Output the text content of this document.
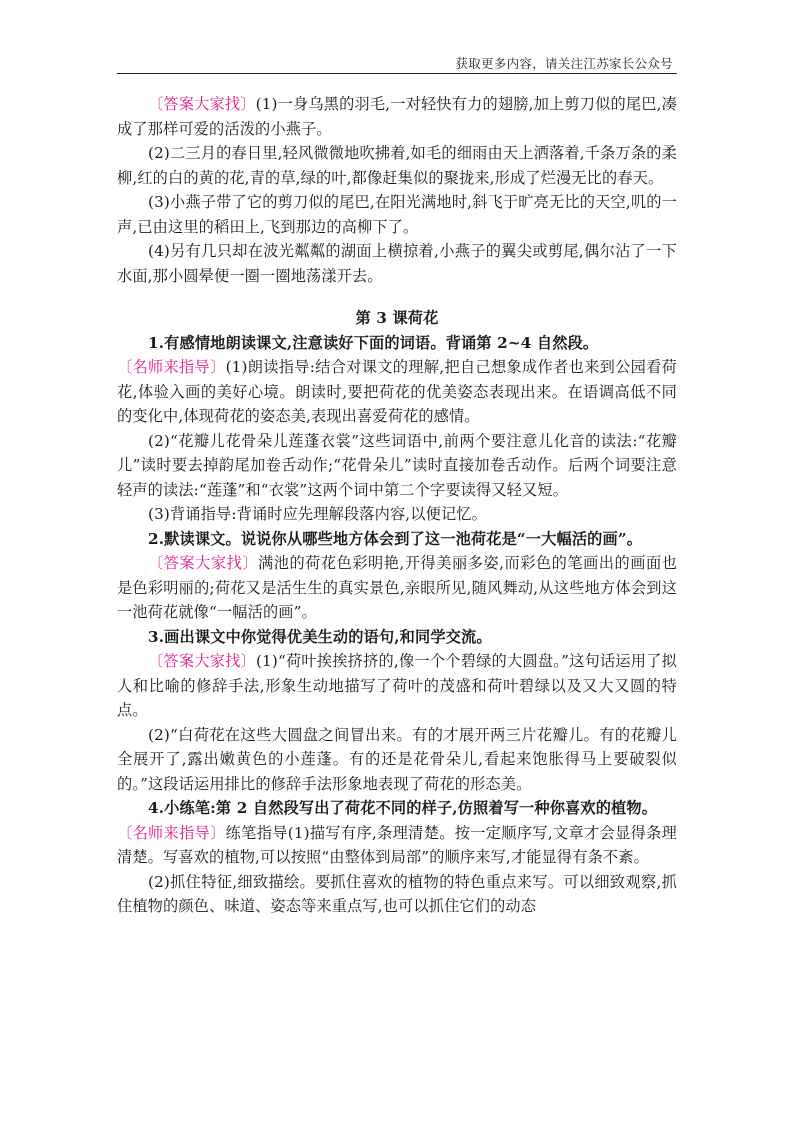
获取更多内容，请关注江苏家长公众号

〔答案大家找〕(1)一身乌黑的羽毛,一对轻快有力的翅膀,加上剪刀似的尾巴,凑成了那样可爱的活泼的小燕子。

(2)二三月的春日里,轻风微微地吹拂着,如毛的细雨由天上洒落着,千条万条的柔柳,红的白的黄的花,青的草,绿的叶,都像赶集似的聚拢来,形成了烂漫无比的春天。

(3)小燕子带了它的剪刀似的尾巴,在阳光满地时,斜飞于旷亮无比的天空,叽的一声,已由这里的稻田上,飞到那边的高柳下了。

(4)另有几只却在波光粼粼的湖面上横掠着,小燕子的翼尖或剪尾,偶尔沾了一下水面,那小圆晕便一圈一圈地荡漾开去。

第 3 课荷花

1.有感情地朗读课文,注意读好下面的词语。背诵第 2~4 自然段。

〔名师来指导〕(1)朗读指导:结合对课文的理解,把自己想象成作者也来到公园看荷花,体验入画的美好心境。朗读时,要把荷花的优美姿态表现出来。在语调高低不同的变化中,体现荷花的姿态美,表现出喜爱荷花的感情。

(2)“花瓣儿花骨朵儿莲蓬衣裳”这些词语中,前两个要注意儿化音的读法:“花瓣儿”读时要去掉韵尾加卷舌动作;“花骨朵儿”读时直接加卷舌动作。后两个词要注意轻声的读法:“莲蓬”和“衣裳”这两个词中第二个字要读得又轻又短。

(3)背诵指导:背诵时应先理解段落内容,以便记忆。

2.默读课文。说说你从哪些地方体会到了这一池荷花是“一大幅活的画”。

〔答案大家找〕满池的荷花色彩明艳,开得美丽多姿,而彩色的笔画出的画面也是色彩明丽的;荷花又是活生生的真实景色,亲眼所见,随风舞动,从这些地方体会到这一池荷花就像“一幅活的画”。

3.画出课文中你觉得优美生动的语句,和同学交流。

〔答案大家找〕(1)“荷叶挨挨挤挤的,像一个个碧绿的大圆盘。”这句话运用了拟人和比喻的修辞手法,形象生动地描写了荷叶的茂盛和荷叶碧绿以及又大又圆的特点。

(2)“白荷花在这些大圆盘之间冒出来。有的才展开两三片花瓣儿。有的花瓣儿全展开了,露出嫩黄色的小莲蓬。有的还是花骨朵儿,看起来饱胀得马上要破裂似的。”这段话运用排比的修辞手法形象地表现了荷花的形态美。

4.小练笔:第 2 自然段写出了荷花不同的样子,仿照着写一种你喜欢的植物。

〔名师来指导〕练笔指导(1)描写有序,条理清楚。按一定顺序写,文章才会显得条理清楚。写喜欢的植物,可以按照“由整体到局部”的顺序来写,才能显得有条不紊。

(2)抓住特征,细致描绘。要抓住喜欢的植物的特色重点来写。可以细致观察,抓住植物的颜色、味道、姿态等来重点写,也可以抓住它们的动态
